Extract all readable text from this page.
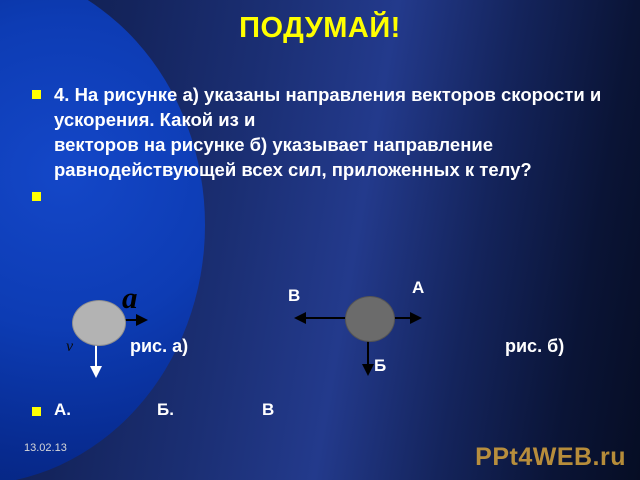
ПОДУМАЙ!
4. На рисунке а) указаны направления векторов скорости и ускорения. Какой из и
векторов на рисунке б) указывает направление равнодействующей всех сил, приложенных к телу?
a
v	рис. а)	рис. б)
А
В
Б
А.	Б.	В
13.02.13	PPt4WEB.ru
